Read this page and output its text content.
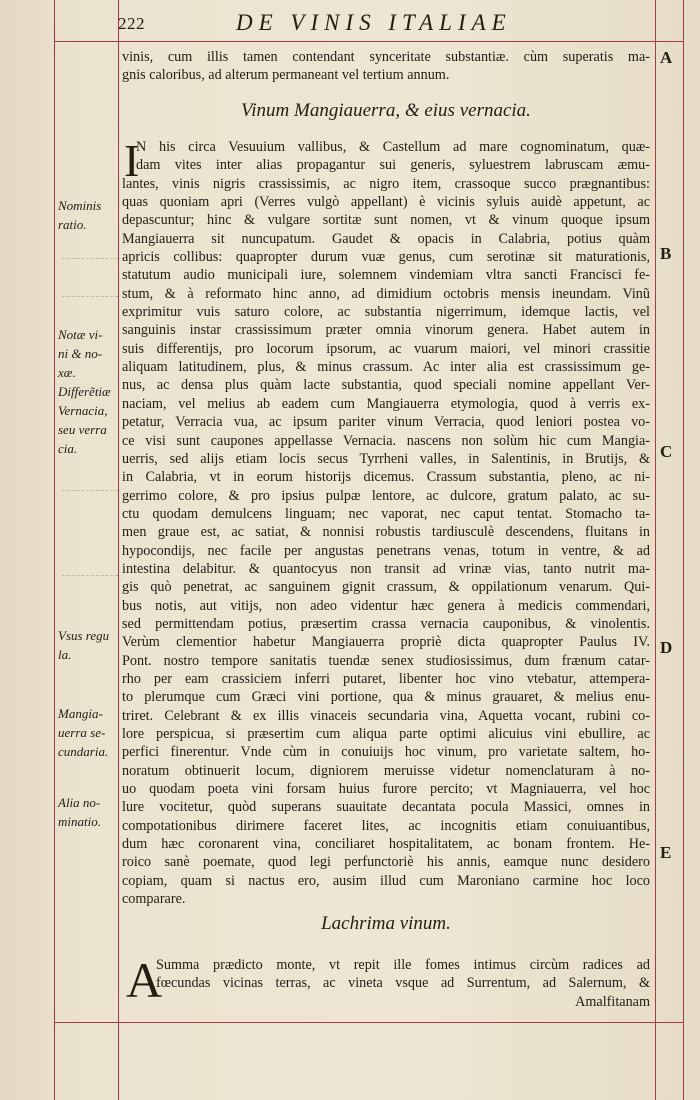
222	DE VINIS ITALIAE
A
B
C
D
E
Nominis
ratio.
Notæ vi-
ni & no-
xæ.
Differẽtiæ
Vernacia,
seu verra
cia.
Vsus regu
la.
Mangia-
uerra se-
cundaria.
Alia no-
minatio.
vinis, cum illis tamen contendant synceritate substantiæ. cùm superatis ma-
gnis caloribus, ad alterum permaneant vel tertium annum.
Vinum Mangiauerra, & eius vernacia.
I
N his circa Vesuuium vallibus, & Castellum ad mare cognominatum, quæ-
dam vites inter alias propagantur sui generis, syluestrem labruscam æmu-
lantes, vinis nigris crassissimis, ac nigro item, crassoque succo prægnantibus:
quas quoniam apri (Verres vulgò appellant) è vicinis syluis auidè appetunt, ac
depascuntur; hinc & vulgare sortitæ sunt nomen, vt & vinum quoque ipsum
Mangiauerra sit nuncupatum. Gaudet & opacis in Calabria, potius quàm
apricis collibus: quapropter durum vuæ genus, cum serotinæ sit maturationis,
statutum audio municipali iure, solemnem vindemiam vltra sancti Francisci fe-
stum, & à reformato hinc anno, ad dimidium octobris mensis ineundam. Vinũ
exprimitur vuis saturo colore, ac substantia nigerrimum, idemque lactis, vel
sanguinis instar crassissimum præter omnia vinorum genera. Habet autem in
suis differentijs, pro locorum ipsorum, ac vuarum maiori, vel minori crassitie
aliquam latitudinem, plus, & minus crassum. Ac inter alia est crassissimum ge-
nus, ac densa plus quàm lacte substantia, quod speciali nomine appellant Ver-
naciam, vel melius ab eadem cum Mangiauerra etymologia, quod à verris ex-
petatur, Verracia vua, ac ipsum pariter vinum Verracia, quod leniori postea vo-
ce visi sunt caupones appellasse Vernacia. nascens non solùm hic cum Mangia-
uerris, sed alijs etiam locis secus Tyrrheni valles, in Salentinis, in Brutijs, &
in Calabria, vt in eorum historijs dicemus. Crassum substantia, pleno, ac ni-
gerrimo colore, & pro ipsius pulpæ lentore, ac dulcore, gratum palato, ac su-
ctu quodam demulcens linguam; nec vaporat, nec caput tentat. Stomacho ta-
men graue est, ac satiat, & nonnisi robustis tardiusculè descendens, fluitans in
hypocondijs, nec facile per angustas penetrans venas, totum in ventre, & ad
intestina delabitur. & quantocyus non transit ad vrinæ vias, tanto nutrit ma-
gis quò penetrat, ac sanguinem gignit crassum, & oppilationum venarum. Qui-
bus notis, aut vitijs, non adeo videntur hæc genera à medicis commendari,
sed permittendam potius, præsertim crassa vernacia cauponibus, & vinolentis.
Verùm clementior habetur Mangiauerra propriè dicta quapropter Paulus IV.
Pont. nostro tempore sanitatis tuendæ senex studiosissimus, dum frænum catar-
rho per eam crassiciem inferri putaret, libenter hoc vino vtebatur, attempera-
to plerumque cum Græci vini portione, qua & minus grauaret, & melius enu-
triret. Celebrant & ex illis vinaceis secundaria vina, Aquetta vocant, rubini co-
lore perspicua, si præsertim cum aliqua parte optimi alicuius vini ebullire, ac
perfici finerentur. Vnde cùm in conuiuijs hoc vinum, pro varietate saltem, ho-
noratum obtinuerit locum, digniorem meruisse videtur nomenclaturam à no-
uo quodam poeta vini forsam huius furore percito; vt Magniauerra, vel hoc
lure vocitetur, quòd superans suauitate decantata pocula Massici, omnes in
compotationibus dirimere faceret lites, ac incognitis etiam conuiuantibus,
dum hæc coronarent vina, conciliaret hospitalitatem, ac bonam frontem. He-
roico sanè poemate, quod legi perfunctoriè his annis, eamque nunc desidero
copiam, quam si nactus ero, ausim illud cum Maroniano carmine hoc loco
comparare.
Lachrima vinum.
A
Summa prædicto monte, vt repit ille fomes intimus circùm radices ad
fœcundas vicinas terras, ac vineta vsque ad Surrentum, ad Salernum, &
Amalfitanam
